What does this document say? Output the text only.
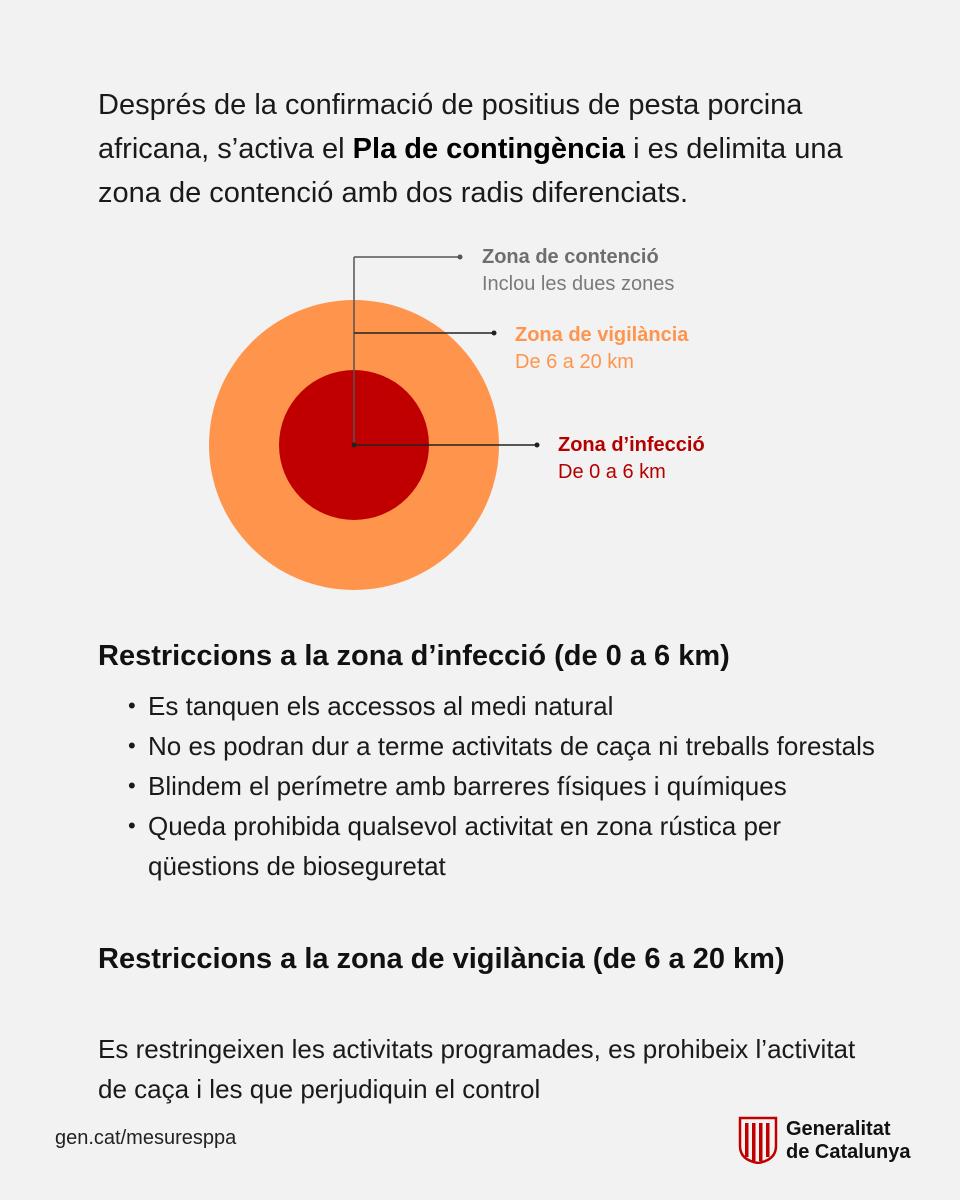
Després de la confirmació de positius de pesta porcina africana, s’activa el Pla de contingència i es delimita una zona de contenció amb dos radis diferenciats.

Zona de contenció
Inclou les dues zones
Zona de vigilància
De 6 a 20 km
Zona d’infecció
De 0 a 6 km
Restriccions a la zona d’infecció (de 0 a 6 km)
• Es tanquen els accessos al medi natural
• No es podran dur a terme activitats de caça ni treballs forestals
• Blindem el perímetre amb barreres físiques i químiques
• Queda prohibida qualsevol activitat en zona rústica per qüestions de bioseguretat
Restriccions a la zona de vigilància (de 6 a 20 km)

Es restringeixen les activitats programades, es prohibeix l’activitat de caça i les que perjudiquin el control

gen.cat/mesuresppa	Generalitat
de Catalunya
